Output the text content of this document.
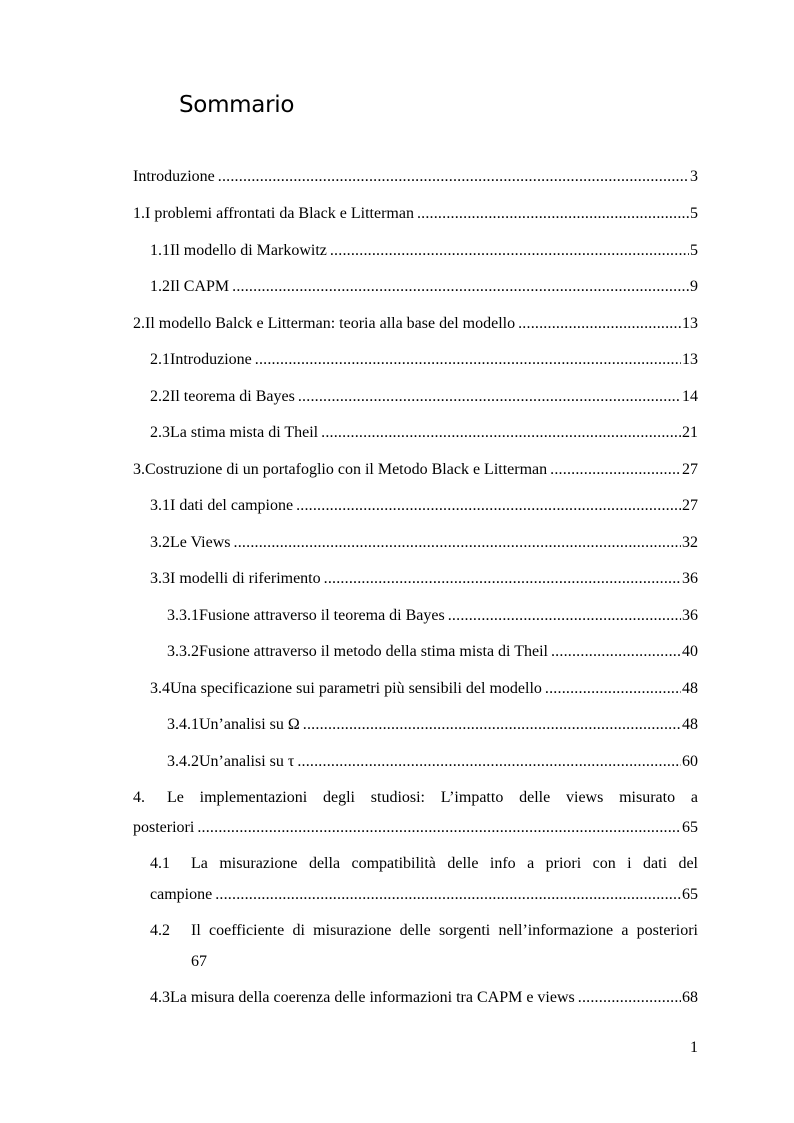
Sommario
Introduzione .....	3
1. I problemi affrontati da Black e Litterman .....	5
1.1 Il modello di Markowitz .....	5
1.2 Il CAPM .....	9
2. Il modello Balck e Litterman: teoria alla base del modello .....	13
2.1 Introduzione .....	13
2.2 Il teorema di Bayes .....	14
2.3 La stima mista di Theil .....	21
3. Costruzione di un portafoglio con il Metodo Black e Litterman .....	27
3.1 I dati del campione .....	27
3.2 Le Views .....	32
3.3 I modelli di riferimento .....	36
3.3.1 Fusione attraverso il teorema di Bayes .....	36
3.3.2 Fusione attraverso il metodo della stima mista di Theil .....	40
3.4 Una specificazione sui parametri più sensibili del modello .....	48
3.4.1 Un’analisi su Ω .....	48
3.4.2 Un’analisi su τ .....	60
4. Le implementazioni degli studiosi: L’impatto delle views misurato a
posteriori .....	65
4.1 La misurazione della compatibilità delle info a priori con i dati del
campione .....	65
4.2 Il coefficiente di misurazione delle sorgenti nell’informazione a posteriori
67
4.3 La misura della coerenza delle informazioni tra CAPM e views .....	68
1
